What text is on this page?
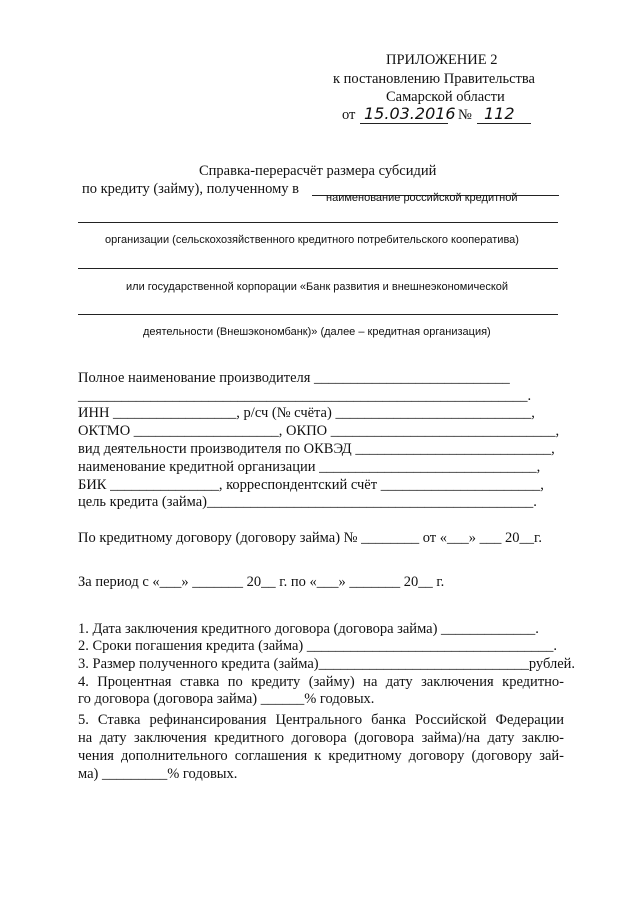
ПРИЛОЖЕНИЕ 2
к постановлению Правительства
Самарской области
от 15.03.2016 № 112
Справка-перерасчёт размера субсидий
по кредиту (займу), полученному в
наименование российской кредитной
организации (сельскохозяйственного кредитного потребительского кооператива)
или государственной корпорации «Банк развития и внешнеэкономической
деятельности (Внешэкономбанк)» (далее – кредитная организация)
Полное наименование производителя ___________________________
______________________________________________________________.
ИНН _________________, р/сч (№ счёта) ___________________________,
ОКТМО ____________________, ОКПО _______________________________,
вид деятельности производителя по ОКВЭД ___________________________,
наименование кредитной организации ______________________________,
БИК _______________, корреспондентский счёт ______________________,
цель кредита (займа)_____________________________________________.
По кредитному договору (договору займа) № ________ от «___» ___ 20__г.
За период с «___» _______ 20__ г. по «___» _______ 20__ г.
1. Дата заключения кредитного договора (договора займа) _____________.
2. Сроки погашения кредита (займа) __________________________________.
3. Размер полученного кредита (займа)_____________________________рублей.
4. Процентная ставка по кредиту (займу) на дату заключения кредитно-
го договора (договора займа) ______% годовых.
5. Ставка рефинансирования Центрального банка Российской Федерации
на дату заключения кредитного договора (договора займа)/на дату заклю-
чения дополнительного соглашения к кредитному договору (договору зай-
ма) _________% годовых.
